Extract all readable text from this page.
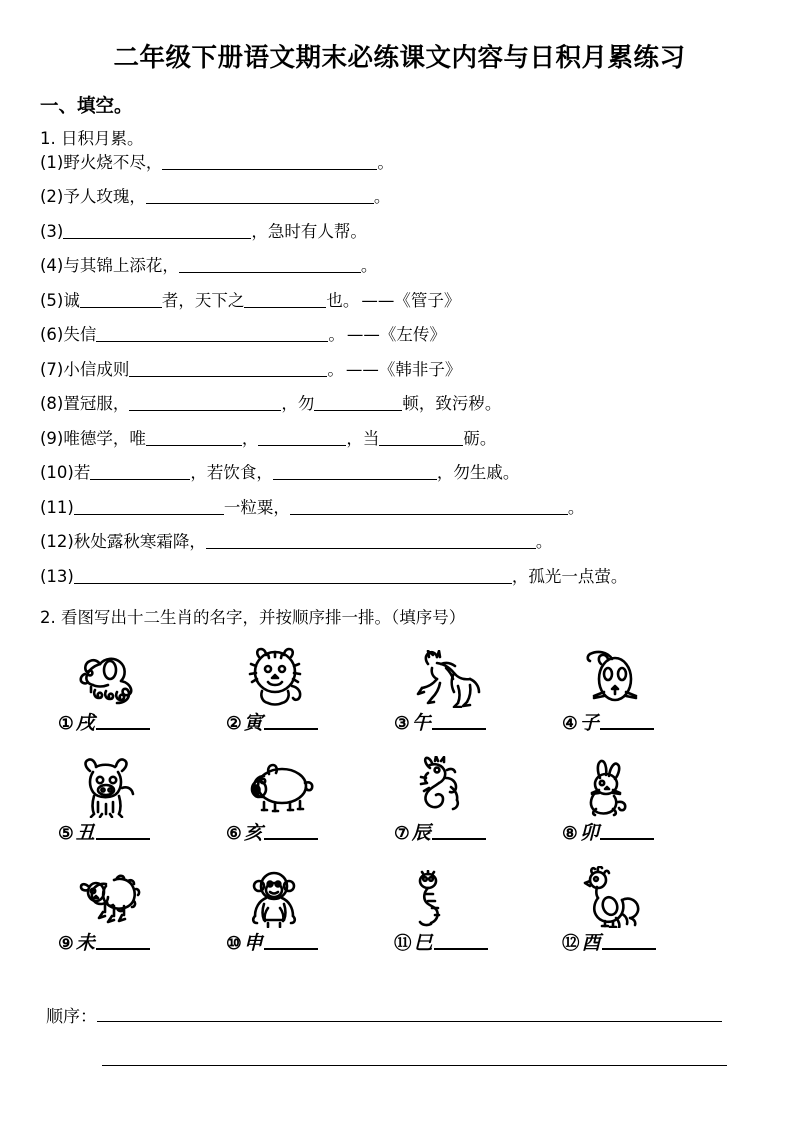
二年级下册语文期末必练课文内容与日积月累练习
一、填空。
1. 日积月累。
(1) 野火烧不尽，	。
(2) 予人玫瑰，	。
(3)	，急时有人帮。
(4) 与其锦上添花，	。
(5) 诚	者，天下之	也。 ——《管子》
(6) 失信	。 ——《左传》
(7) 小信成则	。 ——《韩非子》
(8) 置冠服，	，勿	顿，致污秽。
(9) 唯德学，唯	，	， 当	砺。
(10) 若	，若饮食，	，勿生戚。
(11)	一粒粟，	。
(12) 秋处露秋寒霜降，	。
(13)	，孤光一点萤。
2. 看图写出十二生肖的名字，并按顺序排一排。（填序号）
① 戌	② 寅	③ 午	④ 子
⑤ 丑	⑥ 亥	⑦ 辰	⑧ 卯
⑨ 未	⑩ 申	⑪ 巳	⑫ 酉
顺序：
